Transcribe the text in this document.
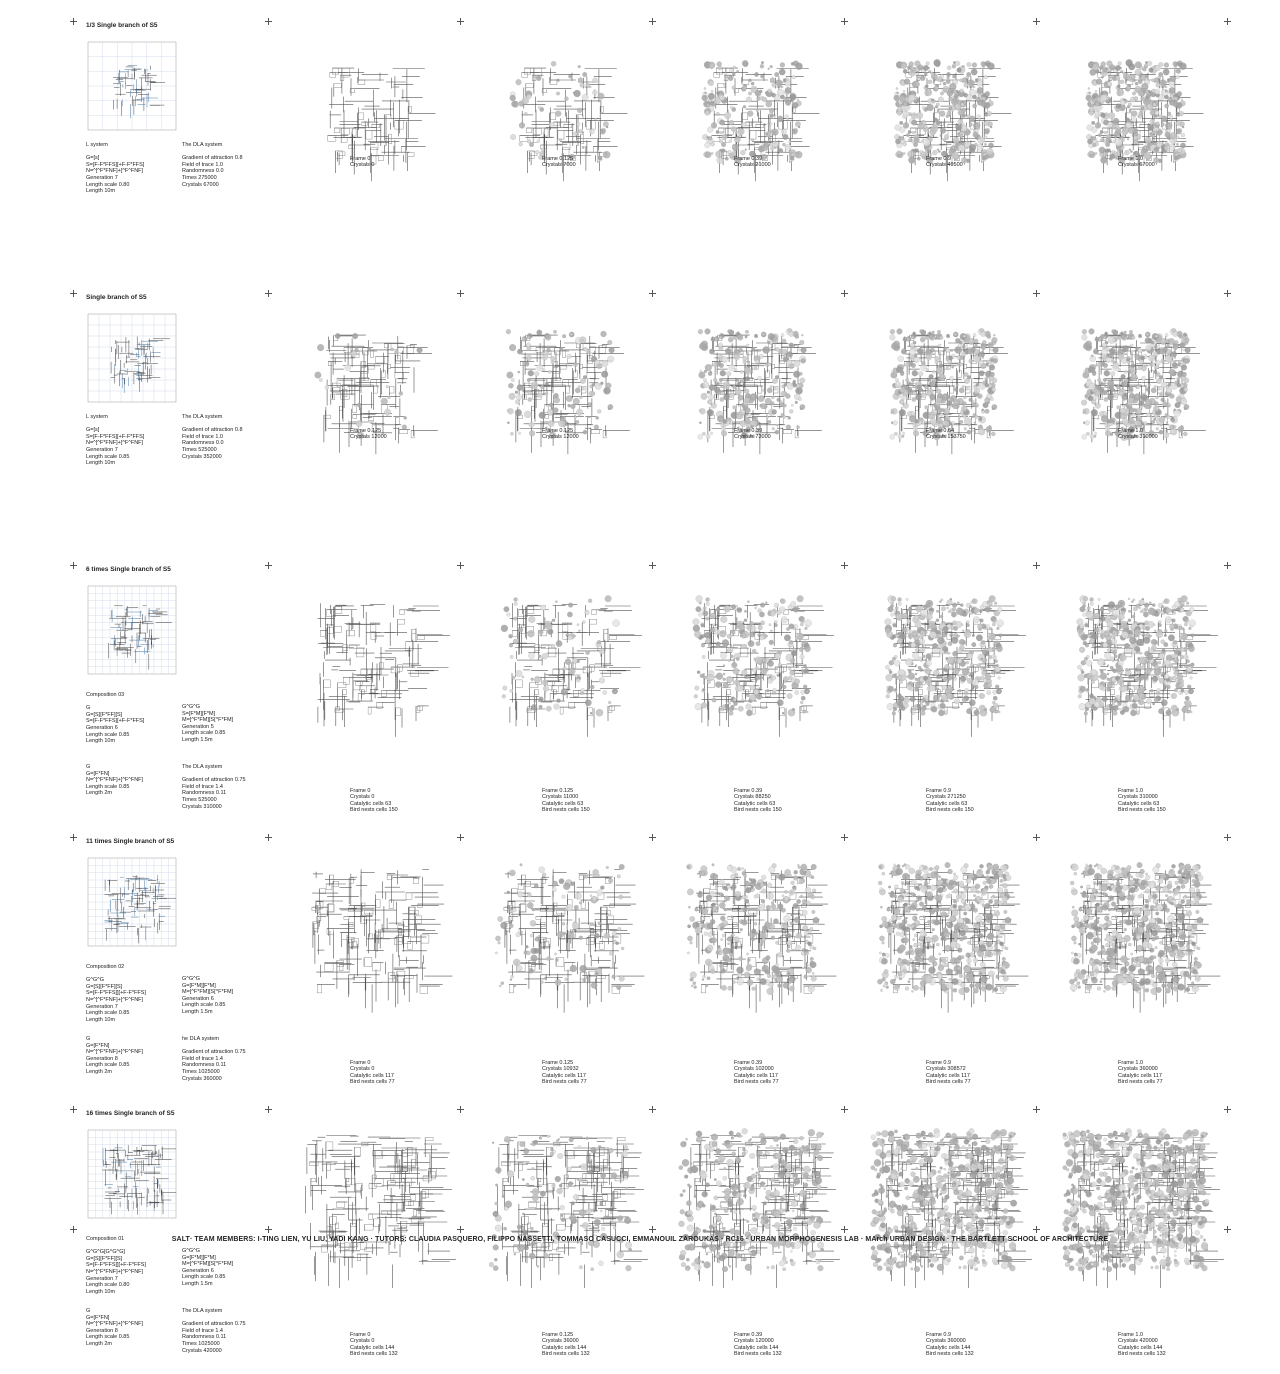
1/3 Single branch of S5
L system

G=[s]
S=[F-F*FFS][+F-F*FFS]
N=^[^F*FNF]+[^F^FNF]
Generation 7
Length scale 0.80
Length 10m
The DLA system

Gradient of attraction 0.8
Field of trace 1.0
Randomness 0.0
Times 275000
Crystals 67000
Frame 0
Crystals 0
Frame 0.125
Crystals 7000
Frame 0.39
Crystals 21000
Frame 0.9
Crystals 49500
Frame 1.0
Crystals 67000
Single branch of S5
L system

G=[s]
S=[F-F*FFS][+F-F*FFS]
N=^[^F*FNF]+[^F^FNF]
Generation 7
Length scale 0.85
Length 10m
The DLA system

Gradient of attraction 0.8
Field of trace 1.0
Randomness 0.0
Times 525000
Crystals 352000
Frame 0.125
Crystals 12000
Frame 0.125
Crystals 12000
Frame 0.39
Crystals 73000
Frame 0.64
Crystals 153750
Frame 1.0
Crystals 310000
6 times Single branch of S5
Composition 03

G
G=[S][F*FF][S]
S=[F-F*FFS][+F-F*FFS]
Generation 6
Length scale 0.85
Length 10m
G^G^G
S=[F*M][F*M]
M=[^F*FM][S[^F*FM]
Generation 5
Length scale 0.85
Length 1.5m
G
G=[F*FN]
N=^[^F*FNF]+[^F^FNF]
Length scale 0.85
Length 2m
The DLA system

Gradient of attraction 0.75
Field of trace 1.4
Randomness 0.11
Times 525000
Crystals 310000
Frame 0
Crystals 0
Catalytic cells 63
Bird nests cells 150
Frame 0.125
Crystals 11000
Catalytic cells 63
Bird nests cells 150
Frame 0.39
Crystals 88250
Catalytic cells 63
Bird nests cells 150
Frame 0.9
Crystals 271250
Catalytic cells 63
Bird nests cells 150
Frame 1.0
Crystals 310000
Catalytic cells 63
Bird nests cells 150
11 times Single branch of S5
Composition 02

G^G^G
G=[S][F*FF][S]
S=[F-F*FFS]][+F-F*FFS]
N=^[^F*FNF]+[^F^FNF]
Generation 7
Length scale 0.85
Length 10m
G^G^G
G=[F*M][F*M]
M=[^F*FM][S[^F*FM]
Generation 6
Length scale 0.85
Length 1.5m
G
G=[F*FN]
N=^[^F*FNF]+[^F^FNF]
Generation 8
Length scale 0.85
Length 2m
he DLA system

Gradient of attraction 0.75
Field of trace 1.4
Randomness 0.11
Times 1025000
Crystals 360000
Frame 0
Crystals 0
Catalytic cells 117
Bird nests cells 77
Frame 0.125
Crystals 10932
Catalytic cells 117
Bird nests cells 77
Frame 0.39
Crystals 102000
Catalytic cells 117
Bird nests cells 77
Frame 0.9
Crystals 308572
Catalytic cells 117
Bird nests cells 77
Frame 1.0
Crystals 360000
Catalytic cells 117
Bird nests cells 77
16 times Single branch of S5
Composition 01

G^G^G[G^G^G]
G=[S][F*FF][S]
S=[F-F*FFS]][+F-F*FFS]
N=^[^F*FNF]+[^F^FNF]
Generation 7
Length scale 0.80
Length 10m
G^G^G
G=[F*M][F*M]
M=[^F*FM][S[^F*FM]
Generation 6
Length scale 0.85
Length 1.5m
G
G=[F*FN]
N=^[^F*FNF]+[^F^FNF]
Generation 8
Length scale 0.85
Length 2m
The DLA system

Gradient of attraction 0.75
Field of trace 1.4
Randomness 0.11
Times 1025000
Crystals 420000
Frame 0
Crystals 0
Catalytic cells 144
Bird nests cells 132
Frame 0.125
Crystals 36000
Catalytic cells 144
Bird nests cells 132
Frame 0.39
Crystals 120000
Catalytic cells 144
Bird nests cells 132
Frame 0.9
Crystals 360000
Catalytic cells 144
Bird nests cells 132
Frame 1.0
Crystals 420000
Catalytic cells 144
Bird nests cells 132
SALT· TEAM MEMBERS: I-TING LIEN, YU LIU, YADI KANG · TUTORS: CLAUDIA PASQUERO, FILIPPO NASSETTI, TOMMASO CASUCCI, EMMANOUIL ZAROUKAS · RC16 · URBAN MORPHOGENESIS LAB · MArch URBAN DESIGN · THE BARTLETT SCHOOL OF ARCHITECTURE
